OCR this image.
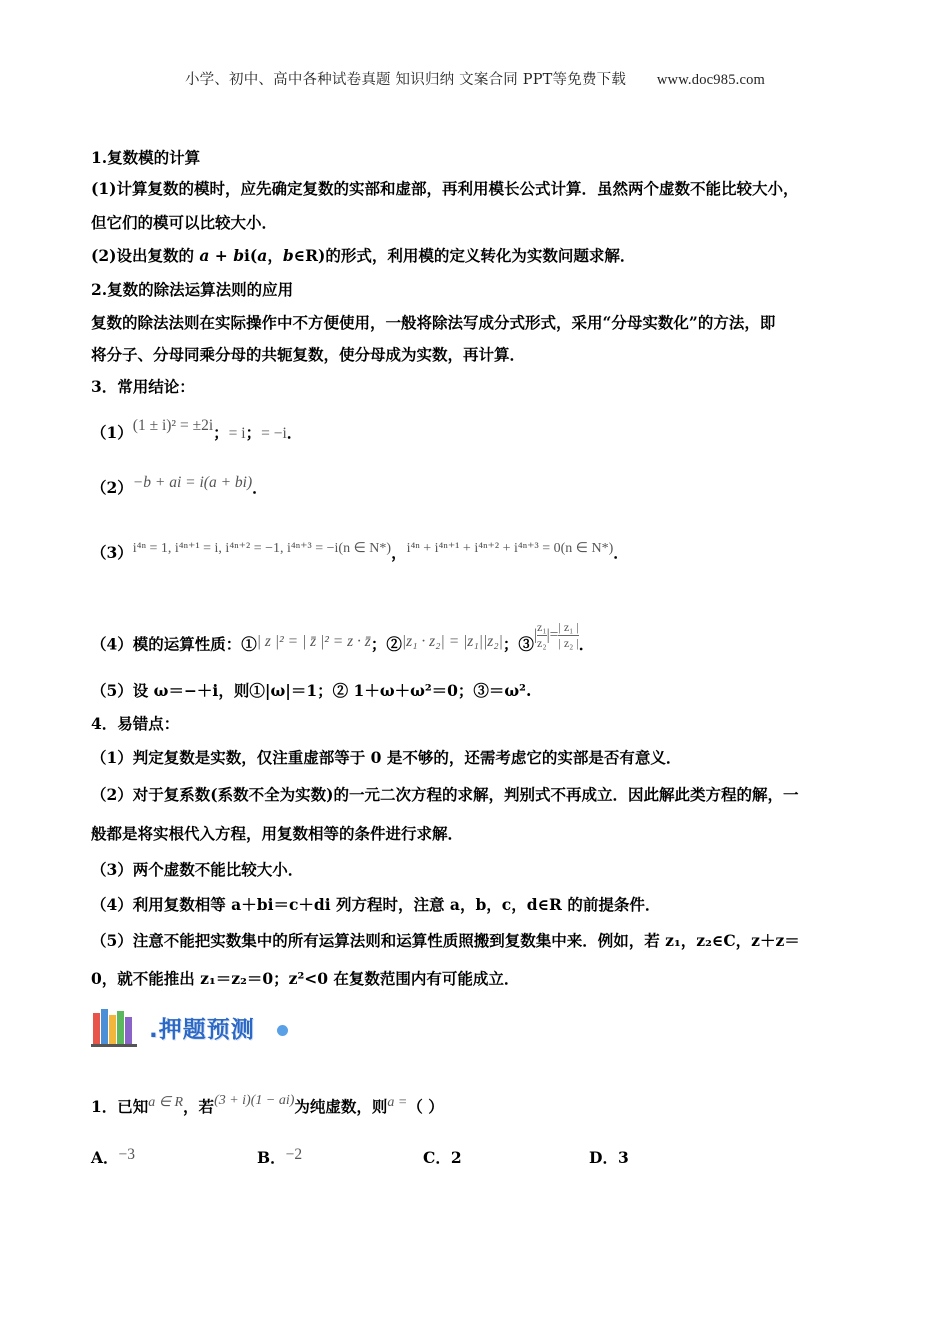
小学、初中、高中各种试卷真题 知识归纳 文案合同 PPT等免费下载 www.doc985.com
1.复数模的计算
(1)计算复数的模时，应先确定复数的实部和虚部，再利用模长公式计算．虽然两个虚数不能比较大小，
但它们的模可以比较大小．
(2)设出复数的 a + bi(a，b∈R)的形式，利用模的定义转化为实数问题求解．
2.复数的除法运算法则的应用
复数的除法法则在实际操作中不方便使用，一般将除法写成分式形式，采用“分母实数化”的方法，即
将分子、分母同乘分母的共轭复数，使分母成为实数，再计算．
3．常用结论：
（1）(1 ± i)² = ±2i；= i；= −i．
（2）−b + ai = i(a + bi)．
（3）i⁴ⁿ = 1, i⁴ⁿ⁺¹ = i, i⁴ⁿ⁺² = −1, i⁴ⁿ⁺³ = −i(n ∈ N*)，i⁴ⁿ + i⁴ⁿ⁺¹ + i⁴ⁿ⁺² + i⁴ⁿ⁺³ = 0(n ∈ N*)．
（4）模的运算性质：①| z |² = | z̄ |² = z · z̄；②|z₁ · z₂| = |z₁||z₂|；③| $\frac{\text{z₁}}{\text{z₂}}$ |= $\frac{\text{| z₁ |}}{\text{| z₂ |}}$ ．
（5）设 ω＝−＋i，则①|ω|＝1；② 1＋ω＋ω²＝0；③＝ω².
4．易错点：
（1）判定复数是实数，仅注重虚部等于 0 是不够的，还需考虑它的实部是否有意义．
（2）对于复系数(系数不全为实数)的一元二次方程的求解，判别式不再成立．因此解此类方程的解，一
般都是将实根代入方程，用复数相等的条件进行求解．
（3）两个虚数不能比较大小．
（4）利用复数相等 a＋bi＝c＋di 列方程时，注意 a，b，c，d∈R 的前提条件．
（5）注意不能把实数集中的所有运算法则和运算性质照搬到复数集中来．例如，若 z₁，z₂∈C，z＋z＝
0，就不能推出 z₁＝z₂＝0；z²<0 在复数范围内有可能成立．
.押题预测
1．已知a ∈ R，若(3 + i)(1 − ai)为纯虚数，则a =（ ）
A．−3	B．−2	C．2	D．3
